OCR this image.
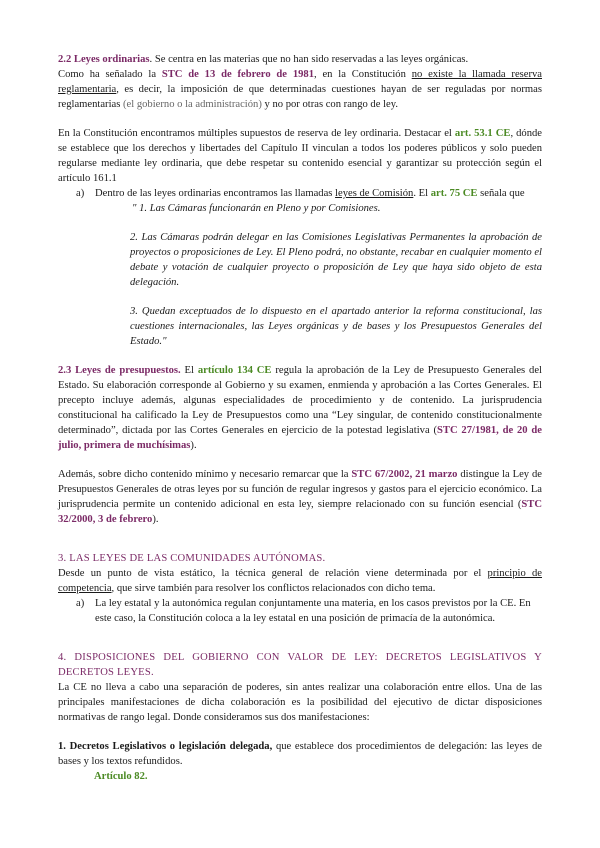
2.2 Leyes ordinarias. Se centra en las materias que no han sido reservadas a las leyes orgánicas.

Como ha señalado la STC de 13 de febrero de 1981, en la Constitución no existe la llamada reserva reglamentaria, es decir, la imposición de que determinadas cuestiones hayan de ser reguladas por normas reglamentarias (el gobierno o la administración) y no por otras con rango de ley.

En la Constitución encontramos múltiples supuestos de reserva de ley ordinaria. Destacar el art. 53.1 CE, dónde se establece que los derechos y libertades del Capítulo II vinculan a todos los poderes públicos y solo pueden regularse mediante ley ordinaria, que debe respetar su contenido esencial y garantizar su protección según el artículo 161.1

a)	Dentro de las leyes ordinarias encontramos las llamadas leyes de Comisión. El art. 75 CE señala que

" 1. Las Cámaras funcionarán en Pleno y por Comisiones.

2. Las Cámaras podrán delegar en las Comisiones Legislativas Permanentes la aprobación de proyectos o proposiciones de Ley. El Pleno podrá, no obstante, recabar en cualquier momento el debate y votación de cualquier proyecto o proposición de Ley que haya sido objeto de esta delegación.

3. Quedan exceptuados de lo dispuesto en el apartado anterior la reforma constitucional, las cuestiones internacionales, las Leyes orgánicas y de bases y los Presupuestos Generales del Estado."

2.3 Leyes de presupuestos. El artículo 134 CE regula la aprobación de la Ley de Presupuesto Generales del Estado. Su elaboración corresponde al Gobierno y su examen, enmienda y aprobación a las Cortes Generales. El precepto incluye además, algunas especialidades de procedimiento y de contenido. La jurisprudencia constitucional ha calificado la Ley de Presupuestos como una “Ley singular, de contenido constitucionalmente determinado”, dictada por las Cortes Generales en ejercicio de la potestad legislativa (STC 27/1981, de 20 de julio, primera de muchísimas).

Además, sobre dicho contenido mínimo y necesario remarcar que la STC 67/2002, 21 marzo distingue la Ley de Presupuestos Generales de otras leyes por su función de regular ingresos y gastos para el ejercicio económico. La jurisprudencia permite un contenido adicional en esta ley, siempre relacionado con su función esencial (STC 32/2000, 3 de febrero).

3. LAS LEYES DE LAS COMUNIDADES AUTÓNOMAS.

Desde un punto de vista estático, la técnica general de relación viene determinada por el principio de competencia, que sirve también para resolver los conflictos relacionados con dicho tema.

a)	La ley estatal y la autonómica regulan conjuntamente una materia, en los casos previstos por la CE. En este caso, la Constitución coloca a la ley estatal en una posición de primacía de la autonómica.

4. DISPOSICIONES DEL GOBIERNO CON VALOR DE LEY: DECRETOS LEGISLATIVOS Y DECRETOS LEYES.

La CE no lleva a cabo una separación de poderes, sin antes realizar una colaboración entre ellos. Una de las principales manifestaciones de dicha colaboración es la posibilidad del ejecutivo de dictar disposiciones normativas de rango legal. Donde consideramos sus dos manifestaciones:

1. Decretos Legislativos o legislación delegada, que establece dos procedimientos de delegación: las leyes de bases y los textos refundidos.

Artículo 82.
